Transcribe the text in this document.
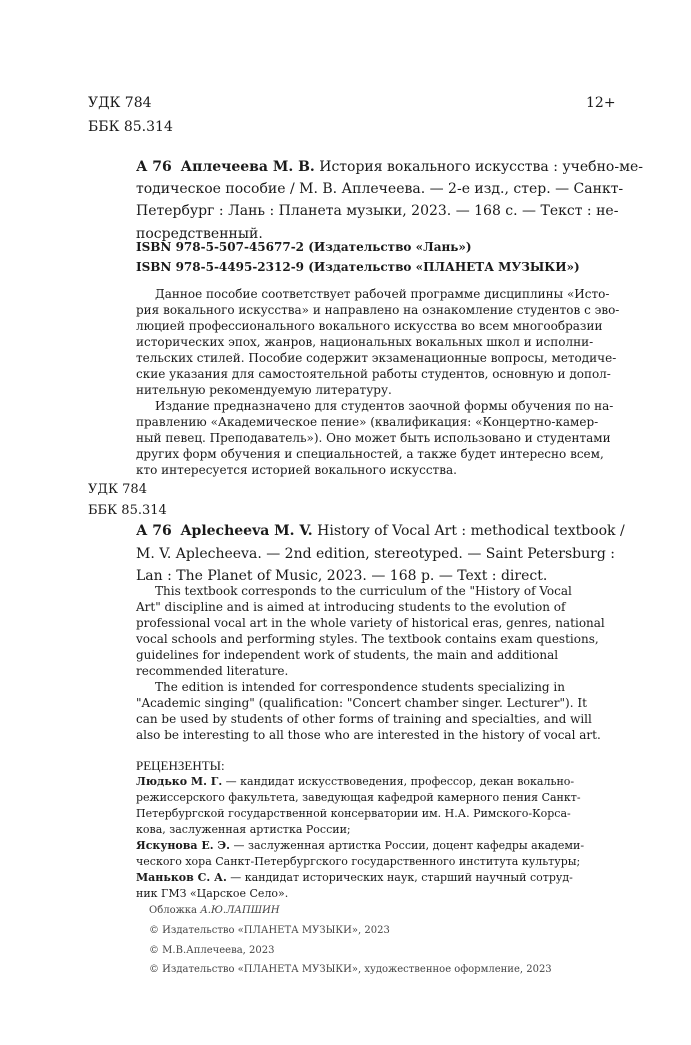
УДК 784
ББК 85.314
12+
А 76 Аплечеева М. В. История вокального искусства : учебно-ме-
тодическое пособие / М. В. Аплечеева. — 2-е изд., стер. — Санкт-
Петербург : Лань : Планета музыки, 2023. — 168 с. — Текст : не-
посредственный.
ISBN 978-5-507-45677-2 (Издательство «Лань»)
ISBN 978-5-4495-2312-9 (Издательство «ПЛАНЕТА МУЗЫКИ»)
Данное пособие соответствует рабочей программе дисциплины «Исто-
рия вокального искусства» и направлено на ознакомление студентов с эво-
люцией профессионального вокального искусства во всем многообразии
исторических эпох, жанров, национальных вокальных школ и исполни-
тельских стилей. Пособие содержит экзаменационные вопросы, методиче-
ские указания для самостоятельной работы студентов, основную и допол-
нительную рекомендуемую литературу.
Издание предназначено для студентов заочной формы обучения по на-
правлению «Академическое пение» (квалификация: «Концертно-камер-
ный певец. Преподаватель»). Оно может быть использовано и студентами
других форм обучения и специальностей, а также будет интересно всем,
кто интересуется историей вокального искусства.
УДК 784
ББК 85.314
А 76 Aplecheeva M. V. History of Vocal Art : methodical textbook /
M. V. Aplecheeva. — 2nd edition, stereotyped. — Saint Petersburg :
Lan : The Planet of Music, 2023. — 168 p. — Text : direct.
This textbook corresponds to the curriculum of the "History of Vocal
Art" discipline and is aimed at introducing students to the evolution of
professional vocal art in the whole variety of historical eras, genres, national
vocal schools and performing styles. The textbook contains exam questions,
guidelines for independent work of students, the main and additional
recommended literature.
The edition is intended for correspondence students specializing in
"Academic singing" (qualification: "Concert chamber singer. Lecturer"). It
can be used by students of other forms of training and specialties, and will
also be interesting to all those who are interested in the history of vocal art.
РЕЦЕНЗЕНТЫ:
Людько М. Г. — кандидат искусствоведения, профессор, декан вокально-
режиссерского факультета, заведующая кафедрой камерного пения Санкт-
Петербургской государственной консерватории им. Н.А. Римского-Корса-
кова, заслуженная артистка России;
Яскунова Е. Э. — заслуженная артистка России, доцент кафедры академи-
ческого хора Санкт-Петербургского государственного института культуры;
Маньков С. А. — кандидат исторических наук, старший научный сотруд-
ник ГМЗ «Царское Село».
Обложка А.Ю.ЛАПШИН
© Издательство «ПЛАНЕТА МУЗЫКИ», 2023
© М.В.Аплечеева, 2023
© Издательство «ПЛАНЕТА МУЗЫКИ», художественное оформление, 2023
